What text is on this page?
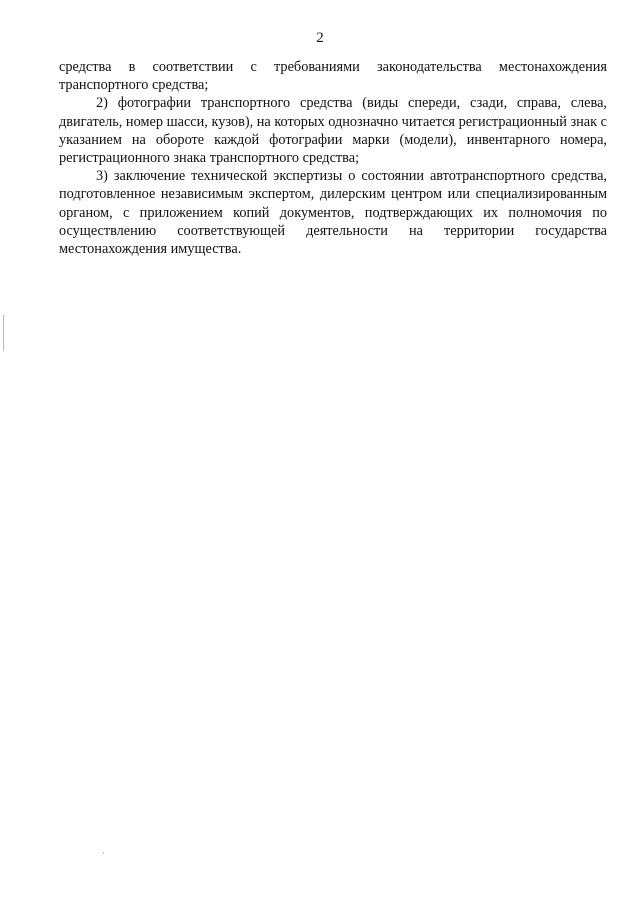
2

средства в соответствии с требованиями законодательства местонахождения транспортного средства;

2) фотографии транспортного средства (виды спереди, сзади, справа, слева, двигатель, номер шасси, кузов), на которых однозначно читается регистрационный знак с указанием на обороте каждой фотографии марки (модели), инвентарного номера, регистрационного знака транспортного средства;

3) заключение технической экспертизы о состоянии автотранспортного средства, подготовленное независимым экспертом, дилерским центром или специализированным органом, с приложением копий документов, подтверждающих их полномочия по осуществлению соответствующей деятельности на территории государства местонахождения имущества.
